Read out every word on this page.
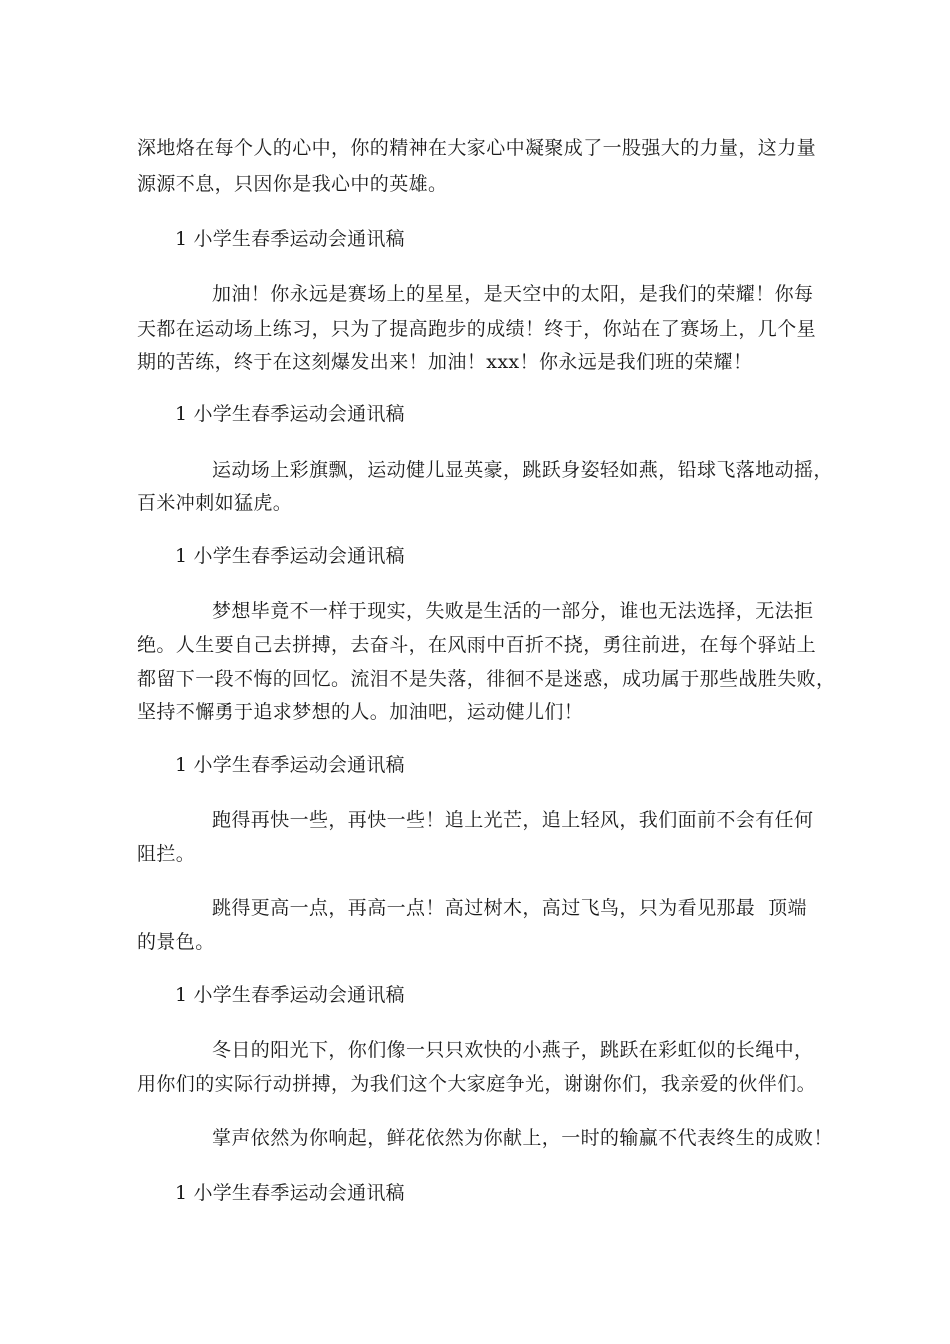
深地烙在每个人的心中，你的精神在大家心中凝聚成了一股强大的力量，这力量
源源不息，只因你是我心中的英雄。
1 小学生春季运动会通讯稿
加油！你永远是赛场上的星星，是天空中的太阳，是我们的荣耀！你每
天都在运动场上练习，只为了提高跑步的成绩！终于，你站在了赛场上，几个星
期的苦练，终于在这刻爆发出来！加油！xxx！你永远是我们班的荣耀！
1 小学生春季运动会通讯稿
运动场上彩旗飘，运动健儿显英豪，跳跃身姿轻如燕，铅球飞落地动摇，
百米冲刺如猛虎。
1 小学生春季运动会通讯稿
梦想毕竟不一样于现实，失败是生活的一部分，谁也无法选择，无法拒
绝。人生要自己去拼搏，去奋斗，在风雨中百折不挠，勇往前进，在每个驿站上
都留下一段不悔的回忆。流泪不是失落，徘徊不是迷惑，成功属于那些战胜失败，
坚持不懈勇于追求梦想的人。加油吧，运动健儿们！
1 小学生春季运动会通讯稿
跑得再快一些，再快一些！追上光芒，追上轻风，我们面前不会有任何
阻拦。
跳得更高一点，再高一点！高过树木，高过飞鸟，只为看见那最  顶端
的景色。
1 小学生春季运动会通讯稿
冬日的阳光下，你们像一只只欢快的小燕子，跳跃在彩虹似的长绳中，
用你们的实际行动拼搏，为我们这个大家庭争光，谢谢你们，我亲爱的伙伴们。
掌声依然为你响起，鲜花依然为你献上，一时的输赢不代表终生的成败！
1 小学生春季运动会通讯稿
